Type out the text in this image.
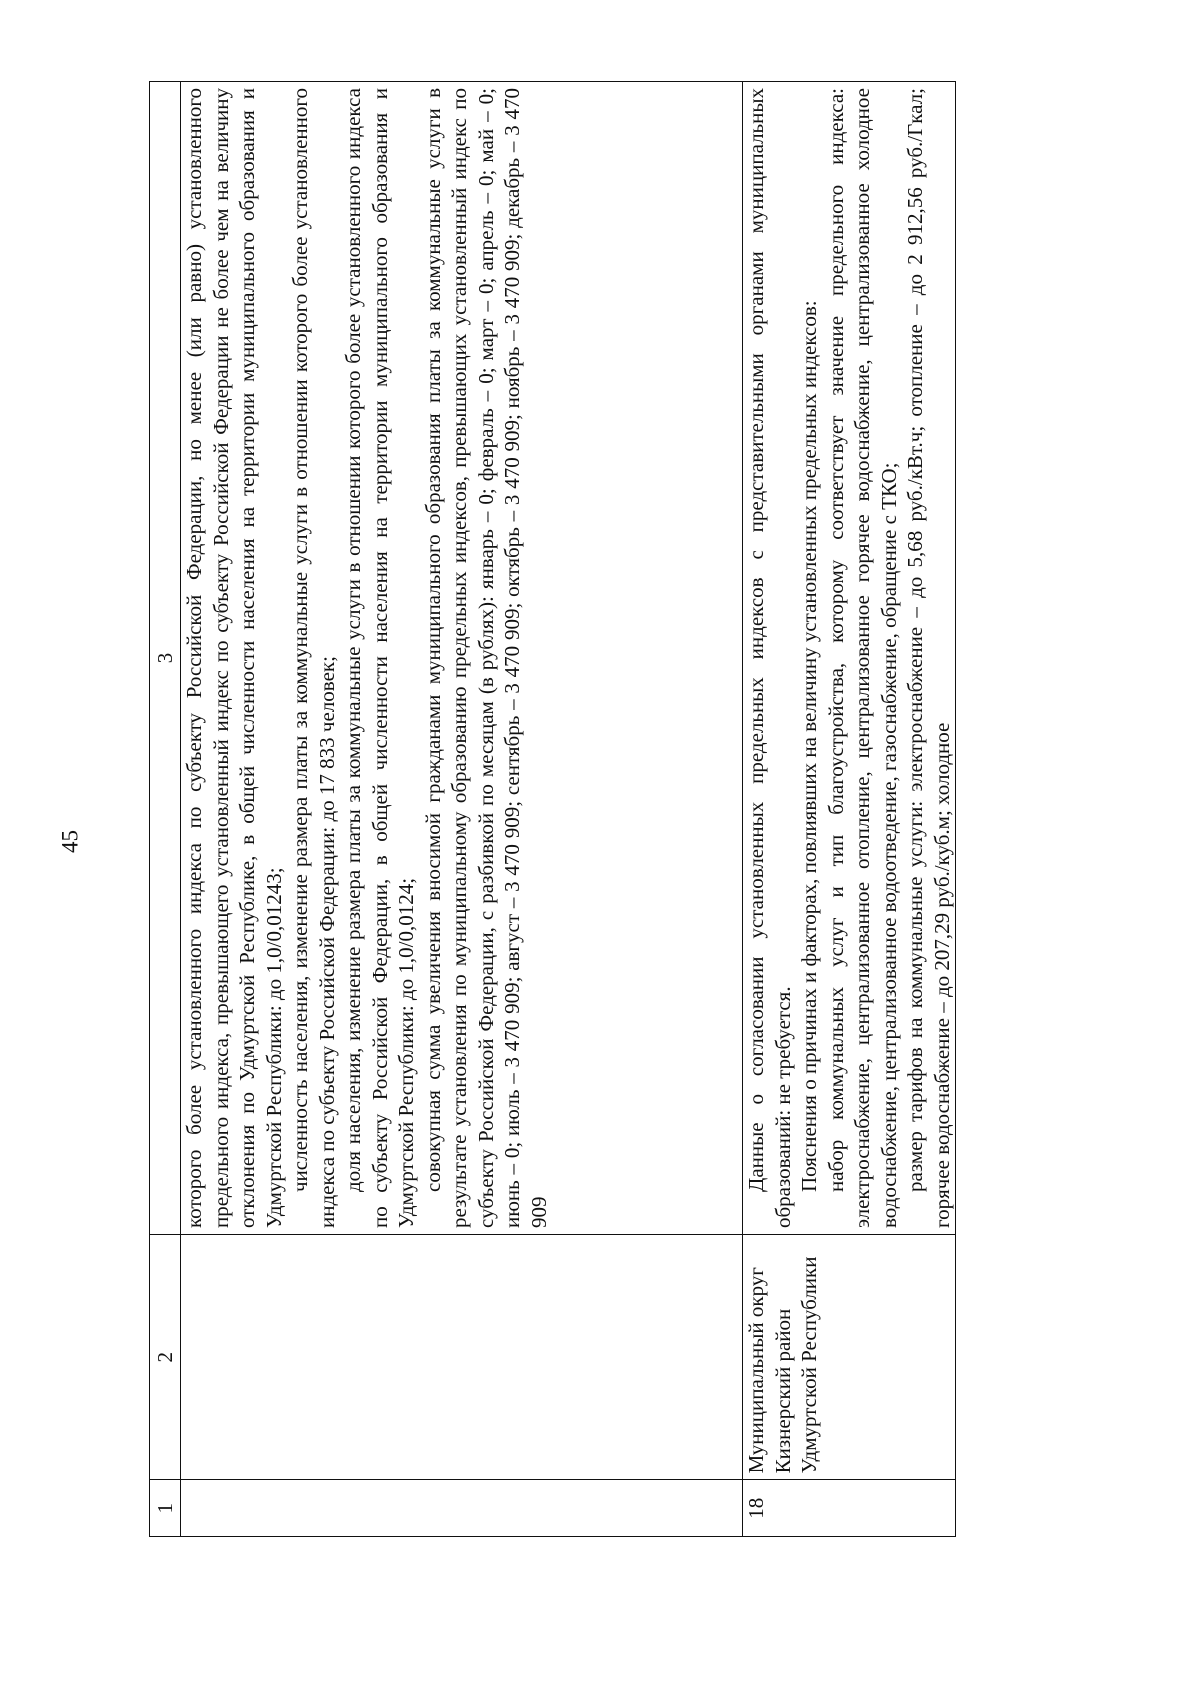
45
1	2	3

		которого более установленного индекса по субъекту Российской Федерации, но менее (или равно) установленного предельного индекса, превышающего установленный индекс по субъекту Российской Федерации не более чем на величину отклонения по Удмуртской Республике, в общей численности населения на территории муниципального образования и Удмуртской Республики: до 1,0/0,01243; численность населения, изменение размера платы за коммунальные услуги в отношении которого более установленного индекса по субъекту Российской Федерации: до 17 833 человек; доля населения, изменение размера платы за коммунальные услуги в отношении которого более установленного индекса по субъекту Российской Федерации, в общей численности населения на территории муниципального образования и Удмуртской Республики: до 1,0/0,0124; совокупная сумма увеличения вносимой гражданами муниципального образования платы за коммунальные услуги в результате установления по муниципальному образованию предельных индексов, превышающих установленный индекс по субъекту Российской Федерации, с разбивкой по месяцам (в рублях): январь – 0; февраль – 0; март – 0; апрель – 0; май – 0; июнь – 0; июль – 3 470 909; август – 3 470 909; сентябрь – 3 470 909; октябрь – 3 470 909; ноябрь – 3 470 909; декабрь – 3 470 909

18	Муниципальный округ Кизнерский район Удмуртской Республики	Данные о согласовании установленных предельных индексов с представительными органами муниципальных образований: не требуется. Пояснения о причинах и факторах, повлиявших на величину установленных предельных индексов: набор коммунальных услуг и тип благоустройства, которому соответствует значение предельного индекса: электроснабжение, централизованное отопление, централизованное горячее водоснабжение, централизованное холодное водоснабжение, централизованное водоотведение, газоснабжение, обращение с ТКО; размер тарифов на коммунальные услуги: электроснабжение – до 5,68 руб./кВт.ч; отопление – до 2 912,56 руб./Гкал; горячее водоснабжение – до 207,29 руб./куб.м; холодное
